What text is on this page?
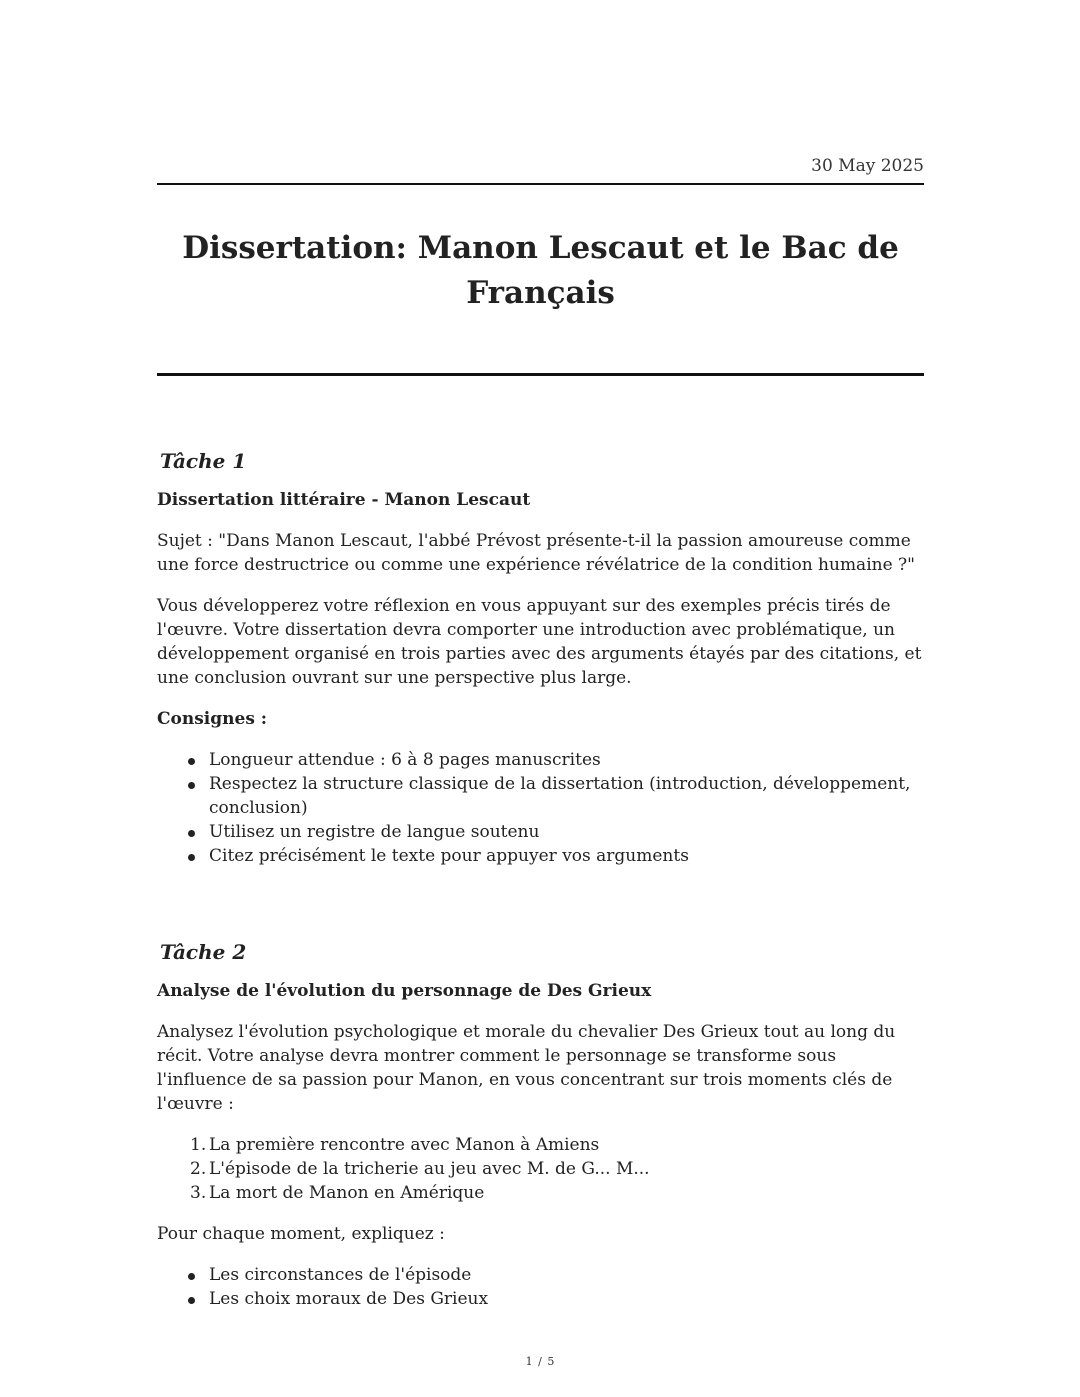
30 May 2025
Dissertation: Manon Lescaut et le Bac de Français
Tâche 1
Dissertation littéraire - Manon Lescaut

Sujet : "Dans Manon Lescaut, l'abbé Prévost présente-t-il la passion amoureuse comme une force destructrice ou comme une expérience révélatrice de la condition humaine ?"

Vous développerez votre réflexion en vous appuyant sur des exemples précis tirés de l'œuvre. Votre dissertation devra comporter une introduction avec problématique, un développement organisé en trois parties avec des arguments étayés par des citations, et une conclusion ouvrant sur une perspective plus large.

Consignes :
Longueur attendue : 6 à 8 pages manuscrites
Respectez la structure classique de la dissertation (introduction, développement, conclusion)
Utilisez un registre de langue soutenu
Citez précisément le texte pour appuyer vos arguments
Tâche 2
Analyse de l'évolution du personnage de Des Grieux

Analysez l'évolution psychologique et morale du chevalier Des Grieux tout au long du récit. Votre analyse devra montrer comment le personnage se transforme sous l'influence de sa passion pour Manon, en vous concentrant sur trois moments clés de l'œuvre :

1. La première rencontre avec Manon à Amiens
2. L'épisode de la tricherie au jeu avec M. de G... M...
3. La mort de Manon en Amérique

Pour chaque moment, expliquez :

Les circonstances de l'épisode
Les choix moraux de Des Grieux
1 / 5
